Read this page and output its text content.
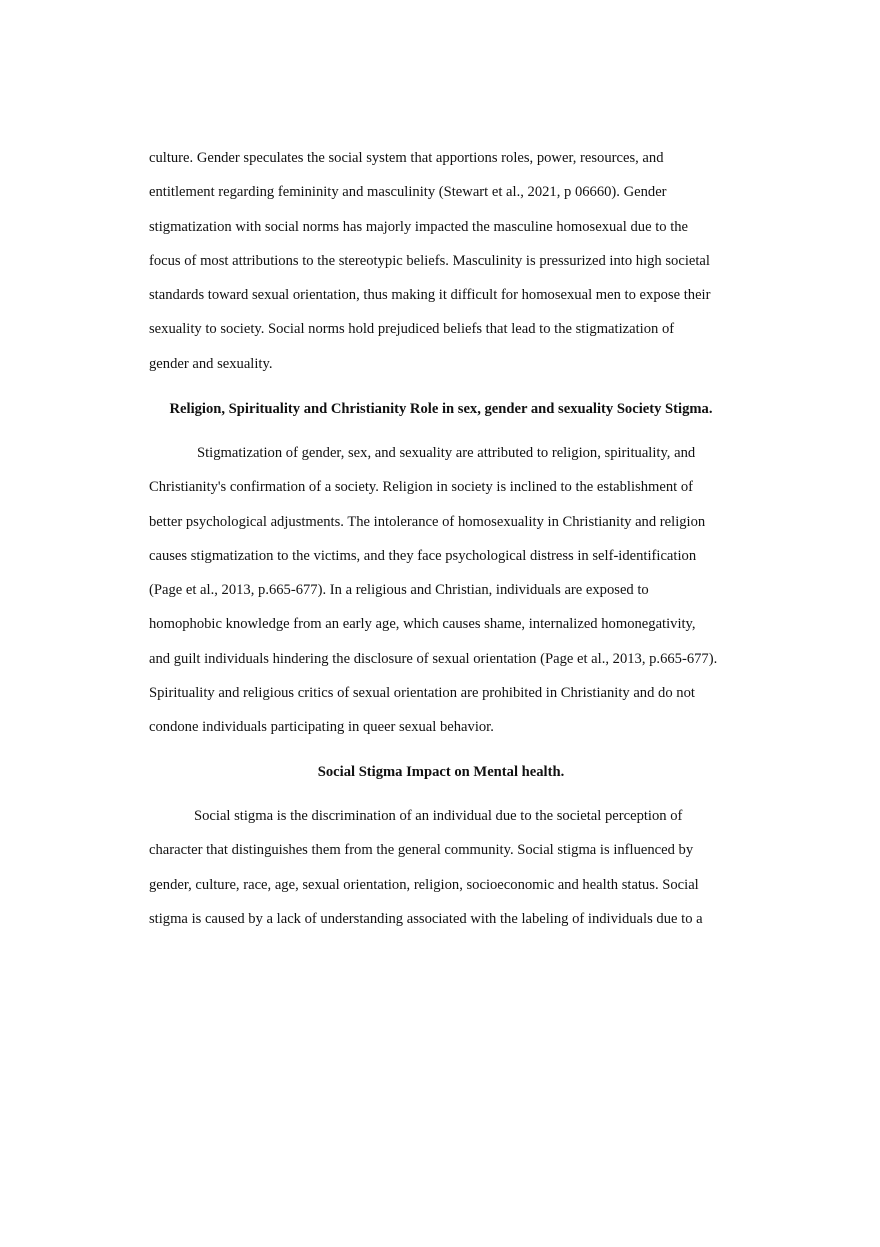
culture. Gender speculates the social system that apportions roles, power, resources, and
entitlement regarding femininity and masculinity (Stewart et al., 2021, p 06660). Gender
stigmatization with social norms has majorly impacted the masculine homosexual due to the
focus of most attributions to the stereotypic beliefs. Masculinity is pressurized into high societal
standards toward sexual orientation, thus making it difficult for homosexual men to expose their
sexuality to society. Social norms hold prejudiced beliefs that lead to the stigmatization of
gender and sexuality.

Religion, Spirituality and Christianity Role in sex, gender and sexuality Society Stigma.

Stigmatization of gender, sex, and sexuality are attributed to religion, spirituality, and
Christianity's confirmation of a society. Religion in society is inclined to the establishment of
better psychological adjustments. The intolerance of homosexuality in Christianity and religion
causes stigmatization to the victims, and they face psychological distress in self-identification
(Page et al., 2013, p.665-677). In a religious and Christian, individuals are exposed to
homophobic knowledge from an early age, which causes shame, internalized homonegativity,
and guilt individuals hindering the disclosure of sexual orientation (Page et al., 2013, p.665-677).
Spirituality and religious critics of sexual orientation are prohibited in Christianity and do not
condone individuals participating in queer sexual behavior.

Social Stigma Impact on Mental health.

Social stigma is the discrimination of an individual due to the societal perception of
character that distinguishes them from the general community. Social stigma is influenced by
gender, culture, race, age, sexual orientation, religion, socioeconomic and health status. Social
stigma is caused by a lack of understanding associated with the labeling of individuals due to a
